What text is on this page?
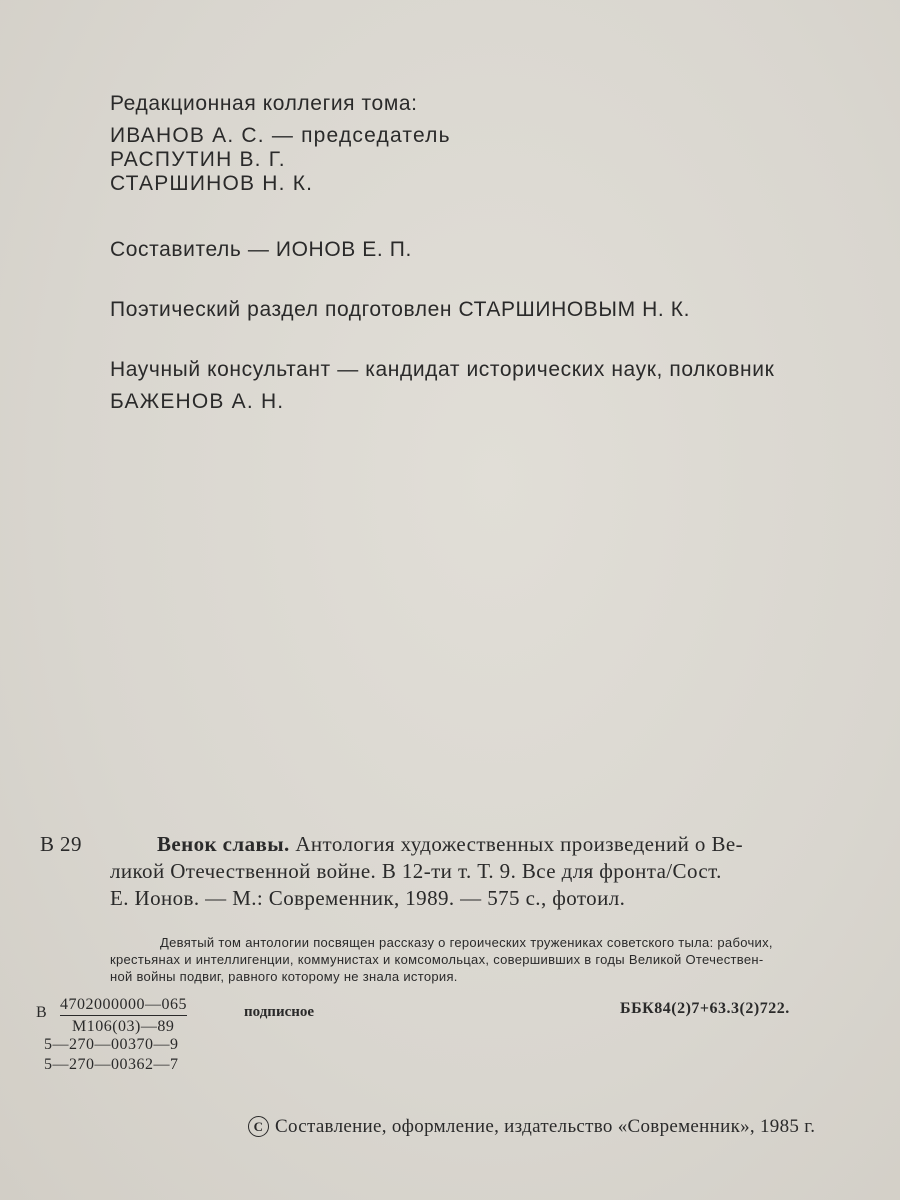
Редакционная коллегия тома:
ИВАНОВ А. С. — председатель
РАСПУТИН В. Г.
СТАРШИНОВ Н. К.
Составитель — ИОНОВ Е. П.
Поэтический раздел подготовлен СТАРШИНОВЫМ Н. К.
Научный консультант — кандидат исторических наук, полковник
БАЖЕНОВ А. Н.
В 29	Венок славы. Антология художественных произведений о Ве-
ликой Отечественной войне. В 12-ти т. Т. 9. Все для фронта/Сост.
Е. Ионов. — М.: Современник, 1989. — 575 с., фотоил.
Девятый том антологии посвящен рассказу о героических тружениках советского тыла: рабочих,
крестьянах и интеллигенции, коммунистах и комсомольцах, совершивших в годы Великой Отечествен-
ной войны подвиг, равного которому не знала история.
В 4702000000—065
М106(03)—89
подписное	ББК84(2)7+63.3(2)722.
5—270—00370—9
5—270—00362—7
С Составление, оформление, издательство «Современник», 1985 г.
